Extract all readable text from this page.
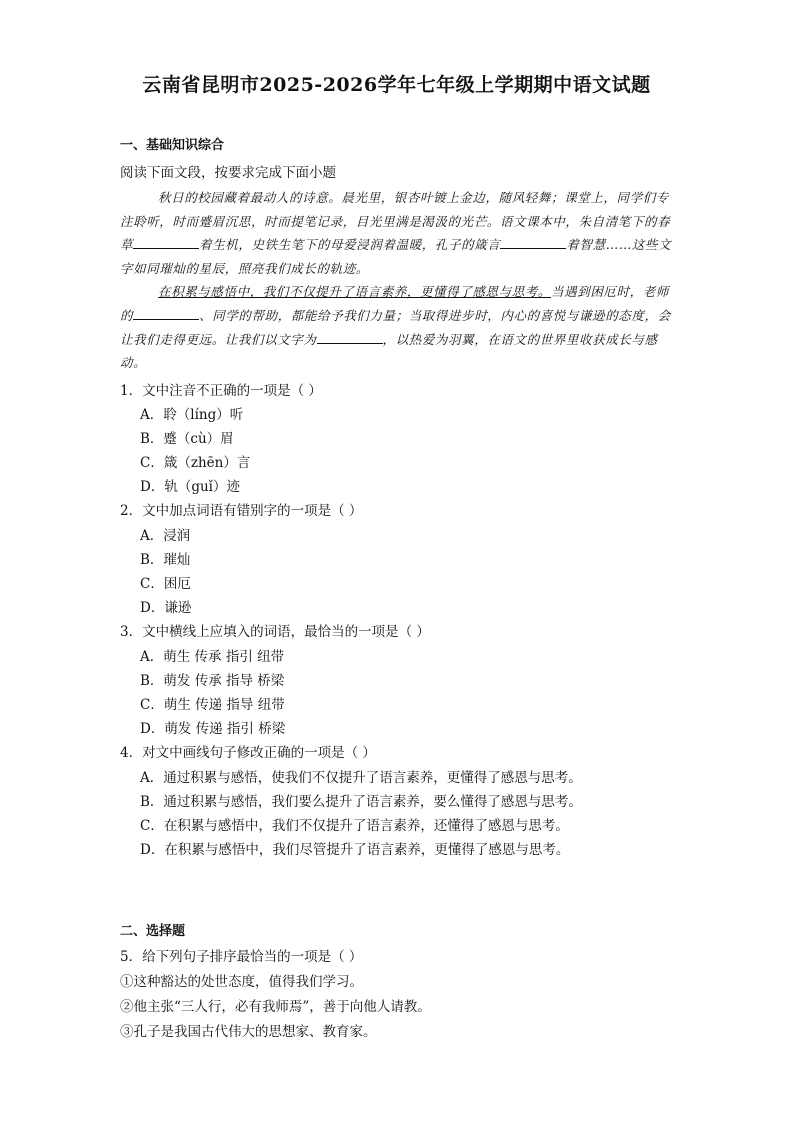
云南省昆明市2025-2026学年七年级上学期期中语文试题
一、基础知识综合
阅读下面文段，按要求完成下面小题

秋日的校园藏着最动人的诗意。晨光里，银杏叶镀上金边，随风轻舞；课堂上，同学们专注聆听，时而蹙眉沉思，时而提笔记录，目光里满是渴汲的光芒。语文课本中，朱自清笔下的春草	着生机，史铁生笔下的母爱浸润着温暖，孔子的箴言	着智慧……这些文字如同璀灿的星辰，照亮我们成长的轨迹。

在积累与感悟中，我们不仅提升了语言素养，更懂得了感恩与思考。当遇到困厄时，老师的	、同学的帮助，都能给予我们力量；当取得进步时，内心的喜悦与谦逊的态度，会让我们走得更远。让我们以文字为	，以热爱为羽翼，在语文的世界里收获成长与感动。

1．文中注音不正确的一项是（ ）
A．聆（líng）听
B．蹙（cù）眉
C．箴（zhēn）言
D．轨（guǐ）迹
2．文中加点词语有错别字的一项是（ ）
A．浸润
B．璀灿
C．困厄
D．谦逊
3．文中横线上应填入的词语，最恰当的一项是（ ）
A．萌生 传承 指引 纽带
B．萌发 传承 指导 桥梁
C．萌生 传递 指导 纽带
D．萌发 传递 指引 桥梁
4．对文中画线句子修改正确的一项是（ ）
A．通过积累与感悟，使我们不仅提升了语言素养，更懂得了感恩与思考。
B．通过积累与感悟，我们要么提升了语言素养，要么懂得了感恩与思考。
C．在积累与感悟中，我们不仅提升了语言素养，还懂得了感恩与思考。
D．在积累与感悟中，我们尽管提升了语言素养，更懂得了感恩与思考。
二、选择题
5．给下列句子排序最恰当的一项是（ ）
①这种豁达的处世态度，值得我们学习。
②他主张“三人行，必有我师焉”，善于向他人请教。
③孔子是我国古代伟大的思想家、教育家。
